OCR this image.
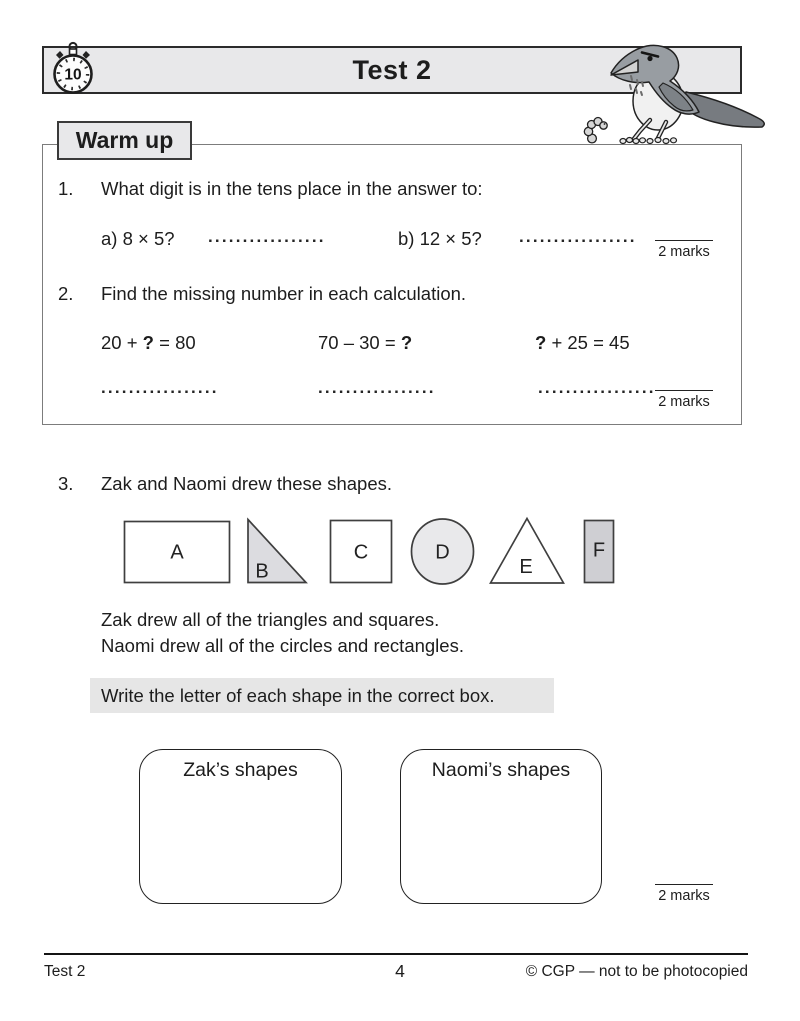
Test 2
10
Warm up
1. What digit is in the tens place in the answer to:
a) 8 × 5? .................	b) 12 × 5? .................
2 marks
2. Find the missing number in each calculation.
20 + ? = 80	70 – 30 = ?	? + 25 = 45
.................	.................	.................
2 marks
3. Zak and Naomi drew these shapes.
A
B
C	D
E
F
Zak drew all of the triangles and squares.
Naomi drew all of the circles and rectangles.
Write the letter of each shape in the correct box.
Zak’s shapes	Naomi’s shapes
2 marks
Test 2	4	© CGP — not to be photocopied
